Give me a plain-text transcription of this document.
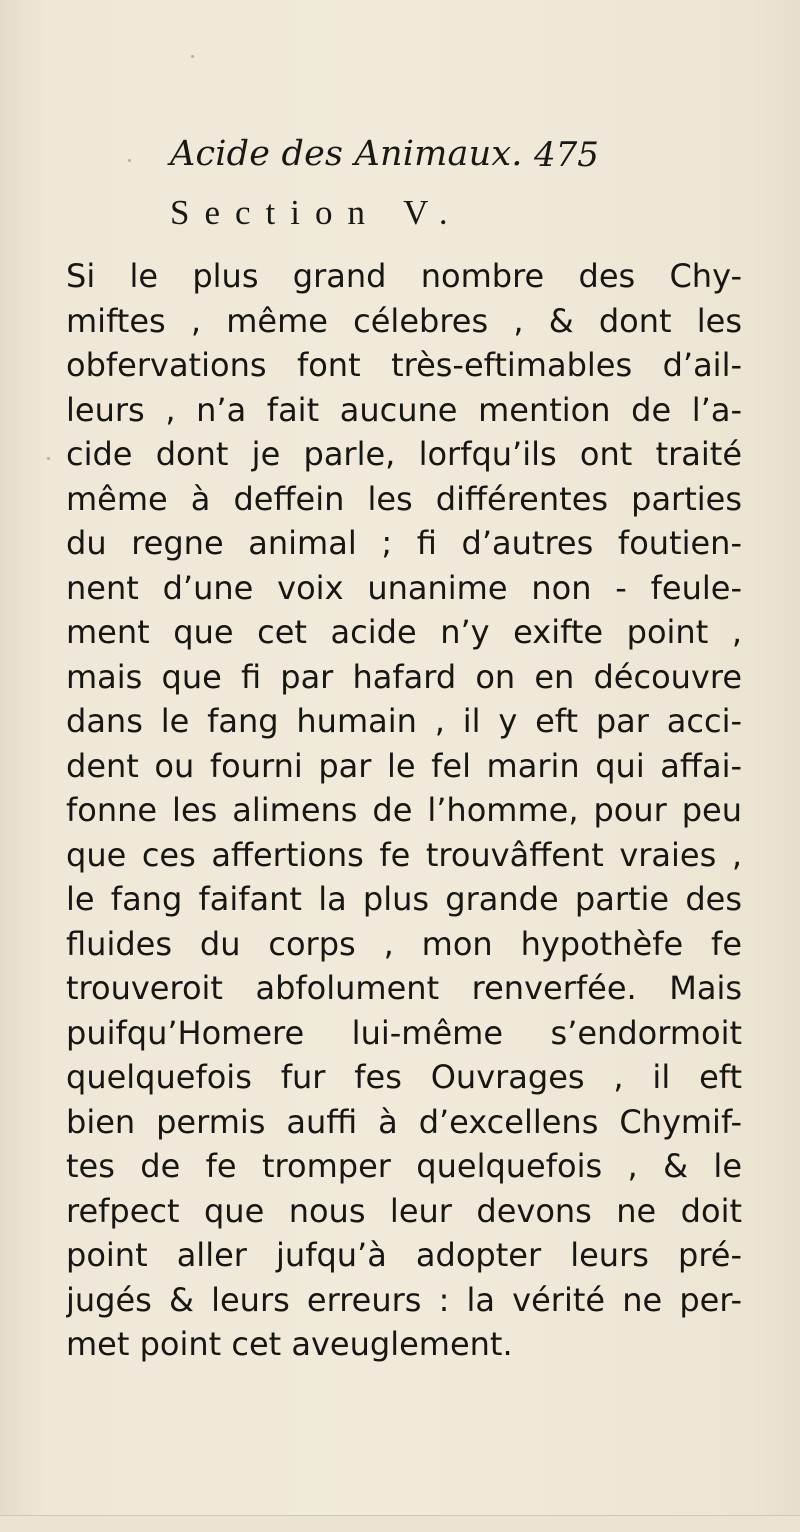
Acide des Animaux. 475
Section V.
Si le plus grand nombre des Chy-
miftes , même célebres , & dont les
obfervations font très-eftimables d’ail-
leurs , n’a fait aucune mention de l’a-
cide dont je parle, lorfqu’ils ont traité
même à deffein les différentes parties
du regne animal ; fi d’autres foutien-
nent d’une voix unanime non - feule-
ment que cet acide n’y exifte point ,
mais que fi par hafard on en découvre
dans le fang humain , il y eft par acci-
dent ou fourni par le fel marin qui affai-
fonne les alimens de l’homme, pour peu
que ces affertions fe trouvâffent vraies ,
le fang faifant la plus grande partie des
fluides du corps , mon hypothèfe fe
trouveroit abfolument renverfée. Mais
puifqu’Homere lui-même s’endormoit
quelquefois fur fes Ouvrages , il eft
bien permis auffi à d’excellens Chymif-
tes de fe tromper quelquefois , & le
refpect que nous leur devons ne doit
point aller jufqu’à adopter leurs pré-
jugés & leurs erreurs : la vérité ne per-
met point cet aveuglement.
